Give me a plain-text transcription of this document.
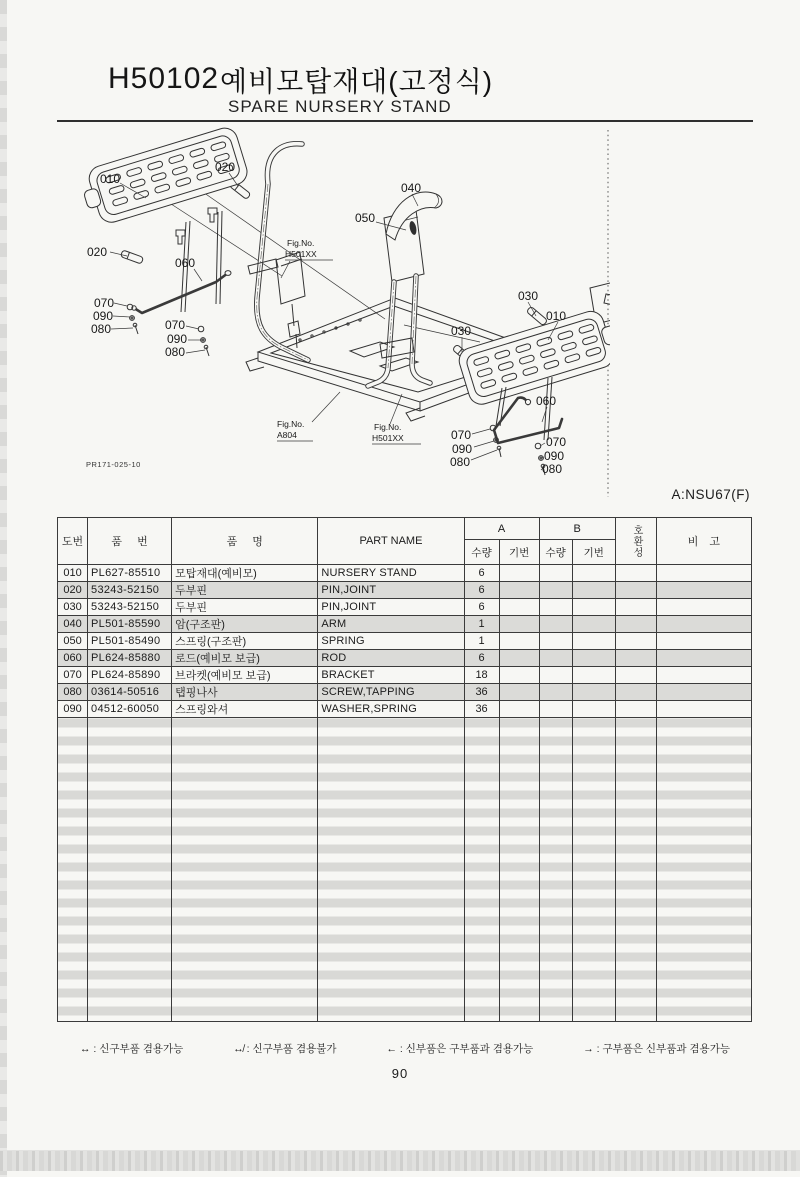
H50102 예비모탑재대(고정식)
SPARE NURSERY STAND
010
020
020
060
070
090
080	070
090
080
040
050
030
010
030
060
070
090
080
070
090
080
Fig.No.
H501XX
Fig.No.
A804
Fig.No.
H501XX
PR171-025-10
A:NSU67(F)
도번	품 번	품 명	PART NAME	A		B		호환성	비 고
				수량	기번	수량	기번		
010	PL627-85510	모탑재대(예비모)	NURSERY STAND	6					
020	53243-52150	두부핀	PIN,JOINT	6					
030	53243-52150	두부핀	PIN,JOINT	6					
040	PL501-85590	암(구조판)	ARM	1					
050	PL501-85490	스프링(구조판)	SPRING	1					
060	PL624-85880	로드(예비모 보급)	ROD	6					
070	PL624-85890	브라켓(예비모 보급)	BRACKET	18					
080	03614-50516	탭핑나사	SCREW,TAPPING	36					
090	04512-60050	스프링와셔	WASHER,SPRING	36					

↔ : 신구부품 겸용가능	↮ : 신구부품 겸용불가	← : 신부품은 구부품과 겸용가능	→ : 구부품은 신부품과 겸용가능
90
